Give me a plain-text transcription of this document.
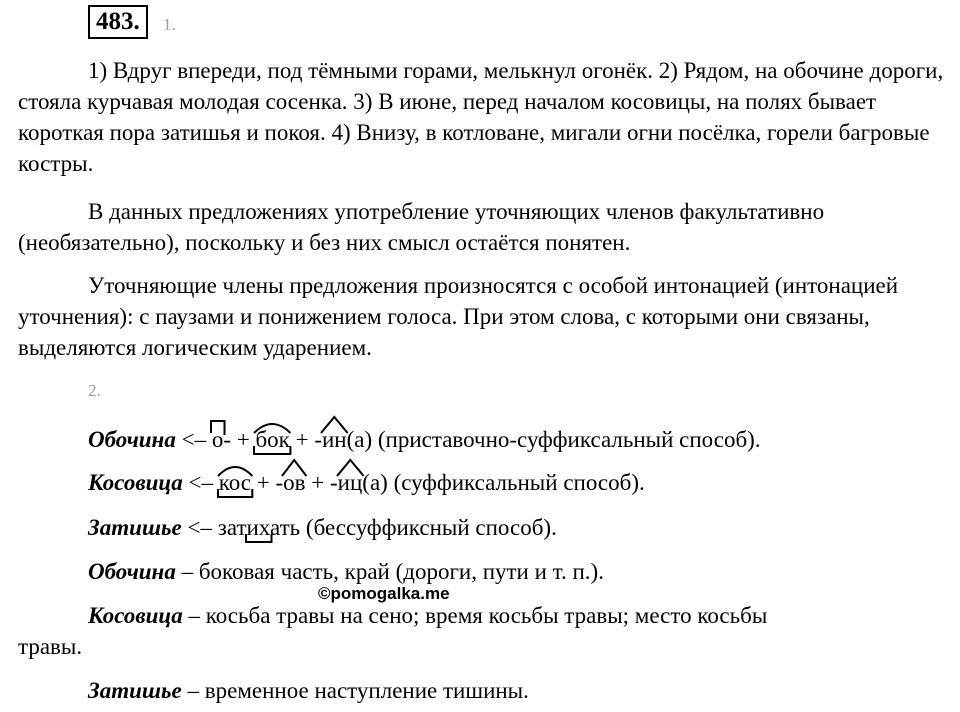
483.	1.

1) Вдруг впереди, под тёмными горами, мелькнул огонёк. 2) Рядом, на обочине дороги, стояла курчавая молодая сосенка. 3) В июне, перед началом косовицы, на полях бывает короткая пора затишья и покоя. 4) Внизу, в котловане, мигали огни посёлка, горели багровые костры.

В данных предложениях употребление уточняющих членов факультативно (необязательно), поскольку и без них смысл остаётся понятен.

Уточняющие члены предложения произносятся с особой интонацией (интонацией уточнения): с паузами и понижением голоса. При этом слова, с которыми они связаны, выделяются логическим ударением.

2.
Обочина <– о- + бок + -ин(а) (приставочно-суффиксальный способ).
Косовица <– кос + -ов + -иц(а) (суффиксальный способ).
Затишье <– затихать (бессуффиксный способ).
Обочина – боковая часть, край (дороги, пути и т. п.).
Косовица – косьба травы на сено; время косьбы травы; место косьбы
травы.
Затишье – временное наступление тишины.
©pomogalka.me
